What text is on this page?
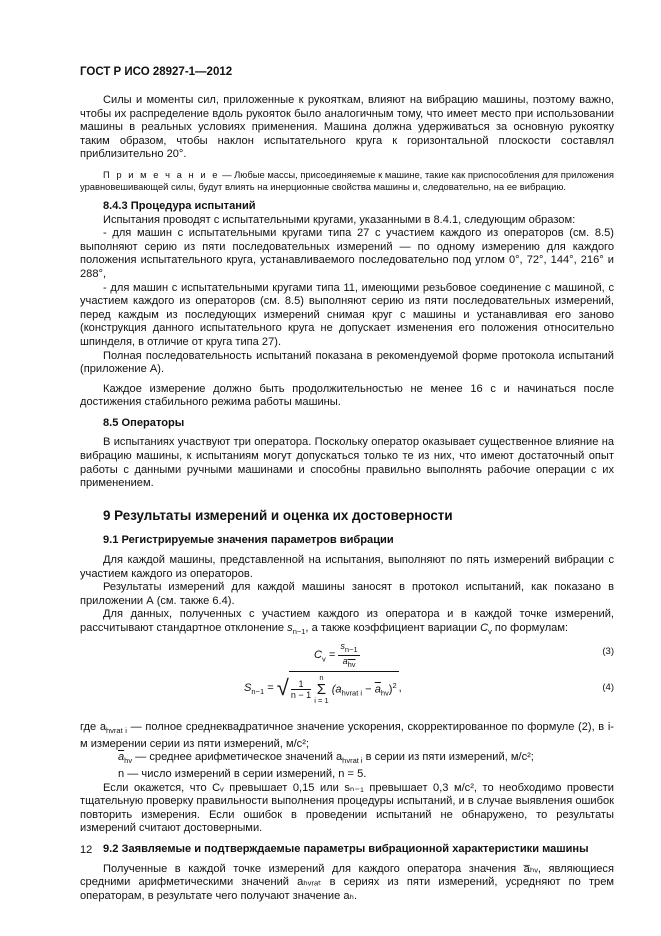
ГОСТ Р ИСО 28927-1—2012

Силы и моменты сил, приложенные к рукояткам, влияют на вибрацию машины, поэтому важно, чтобы их распределение вдоль рукояток было аналогичным тому, что имеет место при использовании машины в реальных условиях применения. Машина должна удерживаться за основную рукоятку таким образом, чтобы наклон испытательного круга к горизонтальной плоскости составлял приблизительно 20°.

П р и м е ч а н и е — Любые массы, присоединяемые к машине, такие как приспособления для приложения уравновешивающей силы, будут влиять на инерционные свойства машины и, следовательно, на ее вибрацию.

8.4.3 Процедура испытаний

Испытания проводят с испытательными кругами, указанными в 8.4.1, следующим образом:

- для машин с испытательными кругами типа 27 с участием каждого из операторов (см. 8.5) выполняют серию из пяти последовательных измерений — по одному измерению для каждого положения испытательного круга, устанавливаемого последовательно под углом 0°, 72°, 144°, 216° и 288°,

- для машин с испытательными кругами типа 11, имеющими резьбовое соединение с машиной, с участием каждого из операторов (см. 8.5) выполняют серию из пяти последовательных измерений, перед каждым из последующих измерений снимая круг с машины и устанавливая его заново (конструкция данного испытательного круга не допускает изменения его положения относительно шпинделя, в отличие от круга типа 27).

Полная последовательность испытаний показана в рекомендуемой форме протокола испытаний (приложение А).

Каждое измерение должно быть продолжительностью не менее 16 с и начинаться после достижения стабильного режима работы машины.

8.5 Операторы

В испытаниях участвуют три оператора. Поскольку оператор оказывает существенное влияние на вибрацию машины, к испытаниям могут допускаться только те из них, что имеют достаточный опыт работы с данными ручными машинами и способны правильно выполнять рабочие операции с их применением.

9 Результаты измерений и оценка их достоверности

9.1 Регистрируемые значения параметров вибрации

Для каждой машины, представленной на испытания, выполняют по пять измерений вибрации с участием каждого из операторов.

Результаты измерений для каждой машины заносят в протокол испытаний, как показано в приложении А (см. также 6.4).

Для данных, полученных с участием каждого из оператора и в каждой точке измерений, рассчитывают стандартное отклонение $s_{n-1}$, а также коэффициент вариации $C_v$ по формулам:

$C_v = \frac{s_{n-1}}{a_{hv}}$	(3)
$S_{n-1}$ = √ $\frac{1}{n - 1}$

n
Σ
i = 1
$(a_{hvrat i} - \overline{a}_{hv})^2$ ,	(4)

где $a_{hvrat i}$ — полное среднеквадратичное значение ускорения, скорректированное по формуле (2), в i-м измерении серии из пяти измерений, м/с²;

$\overline{a}_{hv}$ — среднее арифметическое значений $a_{hvrat i}$ в серии из пяти измерений, м/с²;

n — число измерений в серии измерений, n = 5.

Если окажется, что Cᵥ превышает 0,15 или sₙ₋₁ превышает 0,3 м/с², то необходимо провести тщательную проверку правильности выполнения процедуры испытаний, и в случае выявления ошибок повторить измерения. Если ошибок в проведении испытаний не обнаружено, то результаты измерений считают достоверными.

9.2 Заявляемые и подтверждаемые параметры вибрационной характеристики машины

Полученные в каждой точке измерений для каждого оператора значения a̅ₕᵥ, являющиеся средними арифметическими значений aₕᵥᵣₐₜ в сериях из пяти измерений, усредняют по трем операторам, в результате чего получают значение aₕ.

12
